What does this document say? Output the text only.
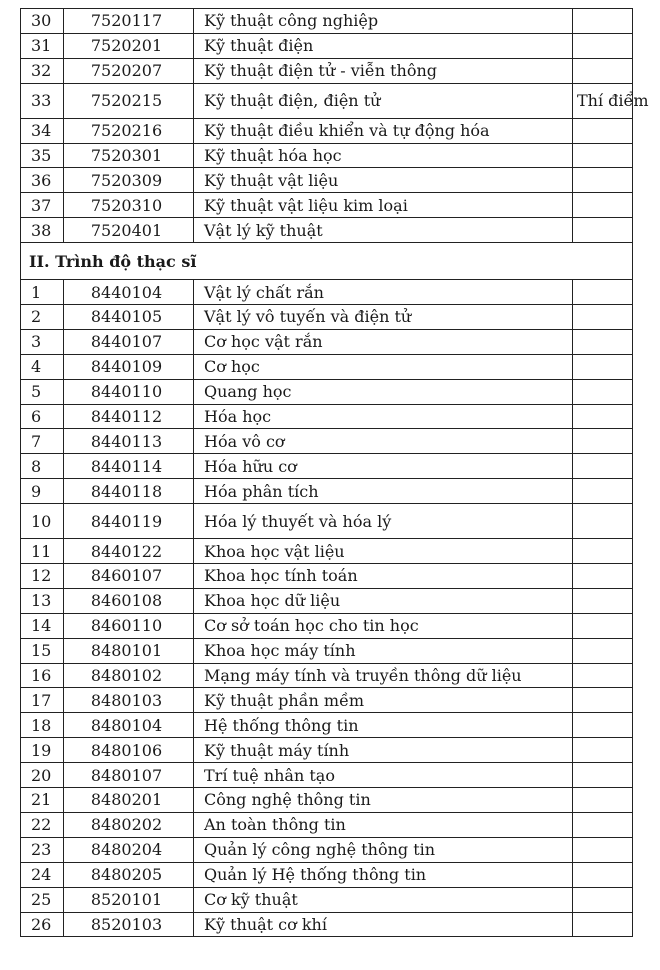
30	7520117	Kỹ thuật công nghiệp	
31	7520201	Kỹ thuật điện	
32	7520207	Kỹ thuật điện tử - viễn thông	
33	7520215	Kỹ thuật điện, điện tử	Thí điểm
34	7520216	Kỹ thuật điều khiển và tự động hóa	
35	7520301	Kỹ thuật hóa học	
36	7520309	Kỹ thuật vật liệu	
37	7520310	Kỹ thuật vật liệu kim loại	
38	7520401	Vật lý kỹ thuật	
II. Trình độ thạc sĩ			
1	8440104	Vật lý chất rắn	
2	8440105	Vật lý vô tuyến và điện tử	
3	8440107	Cơ học vật rắn	
4	8440109	Cơ học	
5	8440110	Quang học	
6	8440112	Hóa học	
7	8440113	Hóa vô cơ	
8	8440114	Hóa hữu cơ	
9	8440118	Hóa phân tích	
10	8440119	Hóa lý thuyết và hóa lý	
11	8440122	Khoa học vật liệu	
12	8460107	Khoa học tính toán	
13	8460108	Khoa học dữ liệu	
14	8460110	Cơ sở toán học cho tin học	
15	8480101	Khoa học máy tính	
16	8480102	Mạng máy tính và truyền thông dữ liệu	
17	8480103	Kỹ thuật phần mềm	
18	8480104	Hệ thống thông tin	
19	8480106	Kỹ thuật máy tính	
20	8480107	Trí tuệ nhân tạo	
21	8480201	Công nghệ thông tin	
22	8480202	An toàn thông tin	
23	8480204	Quản lý công nghệ thông tin	
24	8480205	Quản lý Hệ thống thông tin	
25	8520101	Cơ kỹ thuật	
26	8520103	Kỹ thuật cơ khí	
